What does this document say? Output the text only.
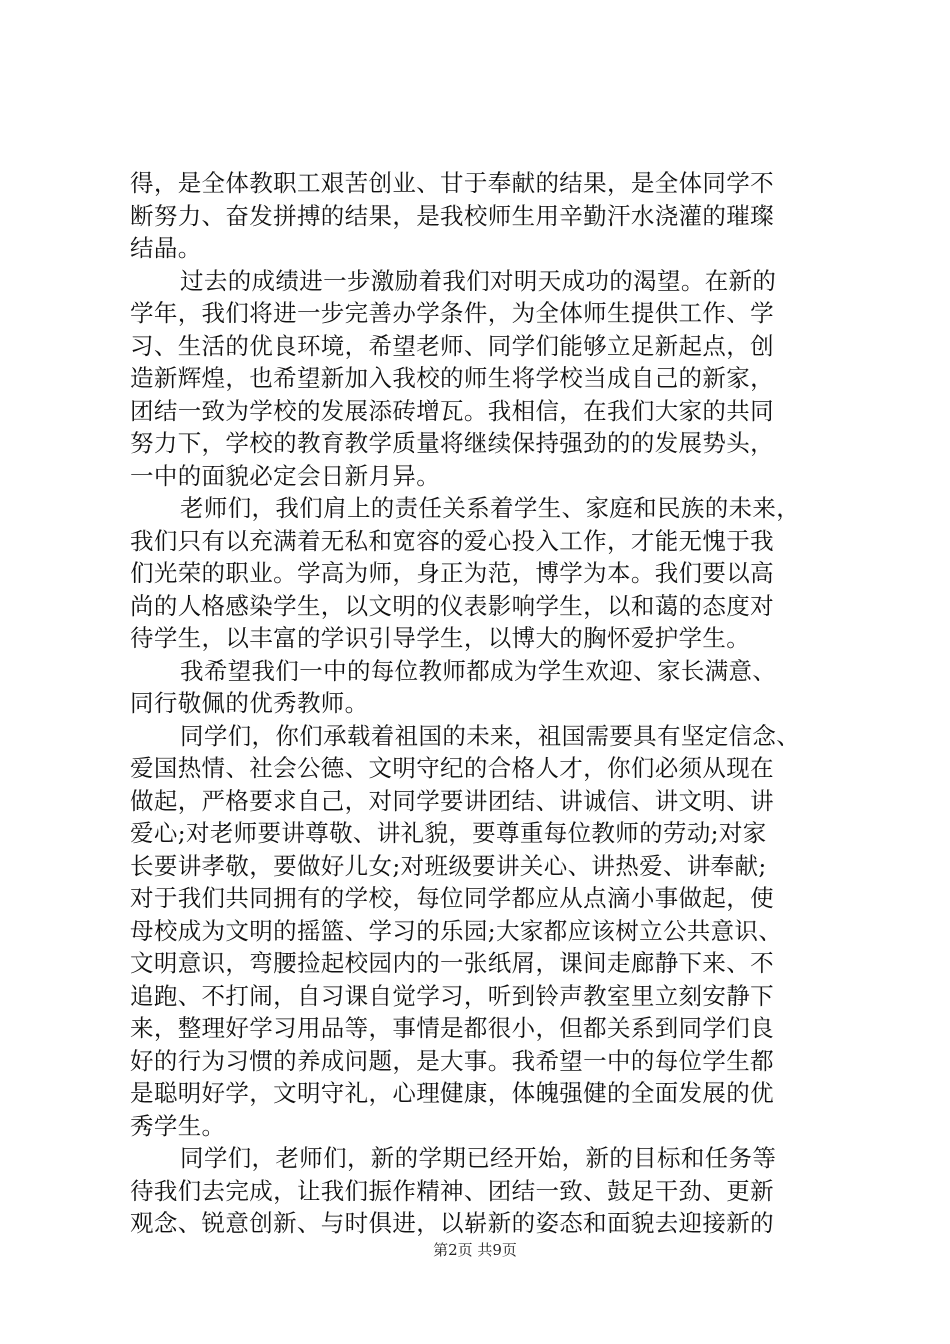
得，是全体教职工艰苦创业、甘于奉献的结果，是全体同学不
断努力、奋发拼搏的结果，是我校师生用辛勤汗水浇灌的璀璨
结晶。
过去的成绩进一步激励着我们对明天成功的渴望。在新的
学年，我们将进一步完善办学条件，为全体师生提供工作、学
习、生活的优良环境，希望老师、同学们能够立足新起点，创
造新辉煌，也希望新加入我校的师生将学校当成自己的新家，
团结一致为学校的发展添砖增瓦。我相信，在我们大家的共同
努力下，学校的教育教学质量将继续保持强劲的的发展势头，
一中的面貌必定会日新月异。
老师们，我们肩上的责任关系着学生、家庭和民族的未来，
我们只有以充满着无私和宽容的爱心投入工作，才能无愧于我
们光荣的职业。学高为师，身正为范，博学为本。我们要以高
尚的人格感染学生，以文明的仪表影响学生，以和蔼的态度对
待学生，以丰富的学识引导学生，以博大的胸怀爱护学生。
我希望我们一中的每位教师都成为学生欢迎、家长满意、
同行敬佩的优秀教师。
同学们，你们承载着祖国的未来，祖国需要具有坚定信念、
爱国热情、社会公德、文明守纪的合格人才，你们必须从现在
做起，严格要求自己，对同学要讲团结、讲诚信、讲文明、讲
爱心;对老师要讲尊敬、讲礼貌，要尊重每位教师的劳动;对家
长要讲孝敬，要做好儿女;对班级要讲关心、讲热爱、讲奉献;
对于我们共同拥有的学校，每位同学都应从点滴小事做起，使
母校成为文明的摇篮、学习的乐园;大家都应该树立公共意识、
文明意识，弯腰捡起校园内的一张纸屑，课间走廊静下来、不
追跑、不打闹，自习课自觉学习，听到铃声教室里立刻安静下
来，整理好学习用品等，事情是都很小，但都关系到同学们良
好的行为习惯的养成问题，是大事。我希望一中的每位学生都
是聪明好学，文明守礼，心理健康，体魄强健的全面发展的优
秀学生。
同学们，老师们，新的学期已经开始，新的目标和任务等
待我们去完成，让我们振作精神、团结一致、鼓足干劲、更新
观念、锐意创新、与时俱进，以崭新的姿态和面貌去迎接新的
第2页 共9页
